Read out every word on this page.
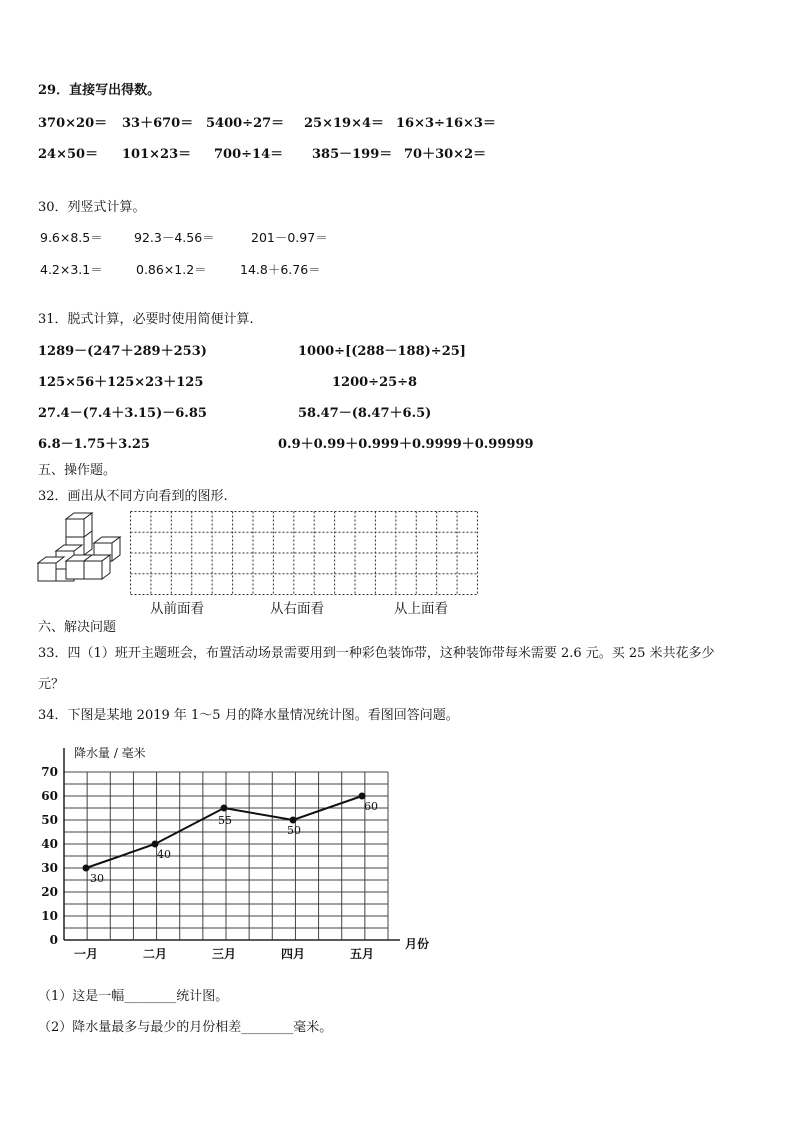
29．直接写出得数。
370×20＝ 33＋670＝ 5400÷27＝ 25×19×4＝ 16×3÷16×3＝
24×50＝ 101×23＝ 700÷14＝ 385－199＝ 70＋30×2＝
30．列竖式计算。
9.6×8.5＝	92.3－4.56＝	201－0.97＝
4.2×3.1＝	0.86×1.2＝	14.8＋6.76＝
31．脱式计算，必要时使用简便计算.
1289－(247＋289＋253)	1000÷[(288－188)÷25]
125×56＋125×23＋125	1200÷25÷8
27.4－(7.4＋3.15)－6.85	58.47－(8.47＋6.5)
6.8－1.75＋3.25	0.9＋0.99＋0.999＋0.9999＋0.99999
五、操作题。
32．画出从不同方向看到的图形.
从前面看	从右面看	从上面看
六、解决问题
33．四（1）班开主题班会，布置活动场景需要用到一种彩色装饰带，这种装饰带每米需要 2.6 元。买 25 米共花多少
元？
34．下图是某地 2019 年 1～5 月的降水量情况统计图。看图回答问题。
降水量 / 毫米
0
10
20
30
40
50
60
70
一月	二月	三月	四月	五月
月份
30
40
55
50
60
（1）这是一幅________统计图。
（2）降水量最多与最少的月份相差________毫米。
